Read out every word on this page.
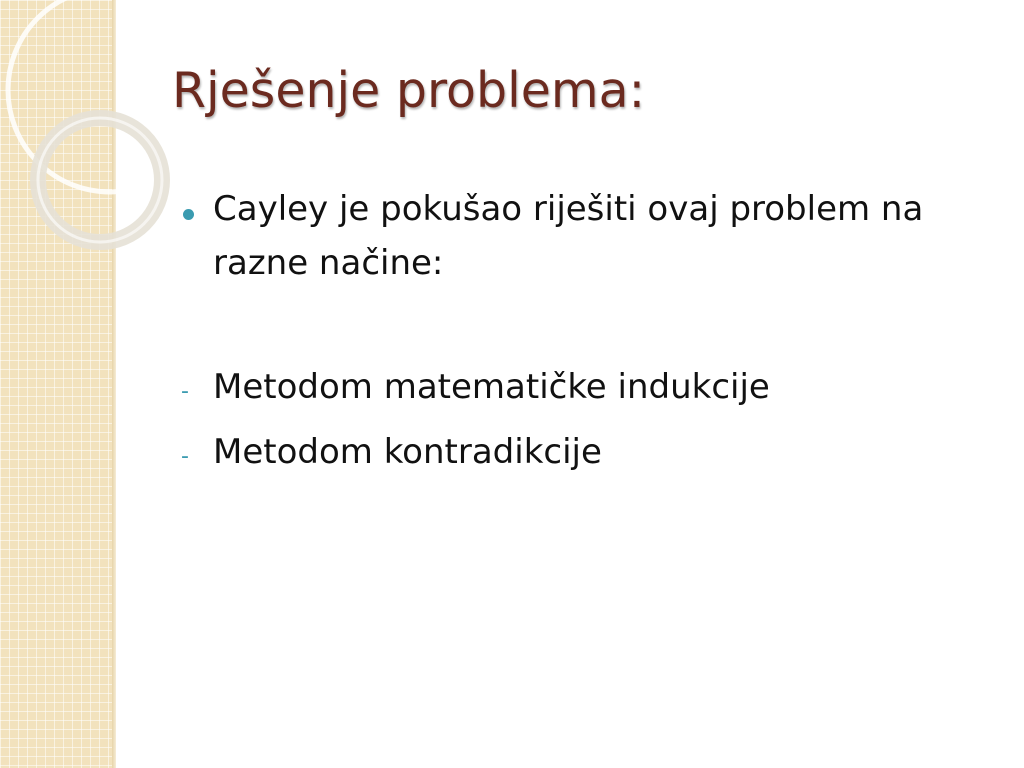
Rješenje problema:
Cayley je pokušao riješiti ovaj problem na
razne načine:
- Metodom matematičke indukcije
- Metodom kontradikcije
